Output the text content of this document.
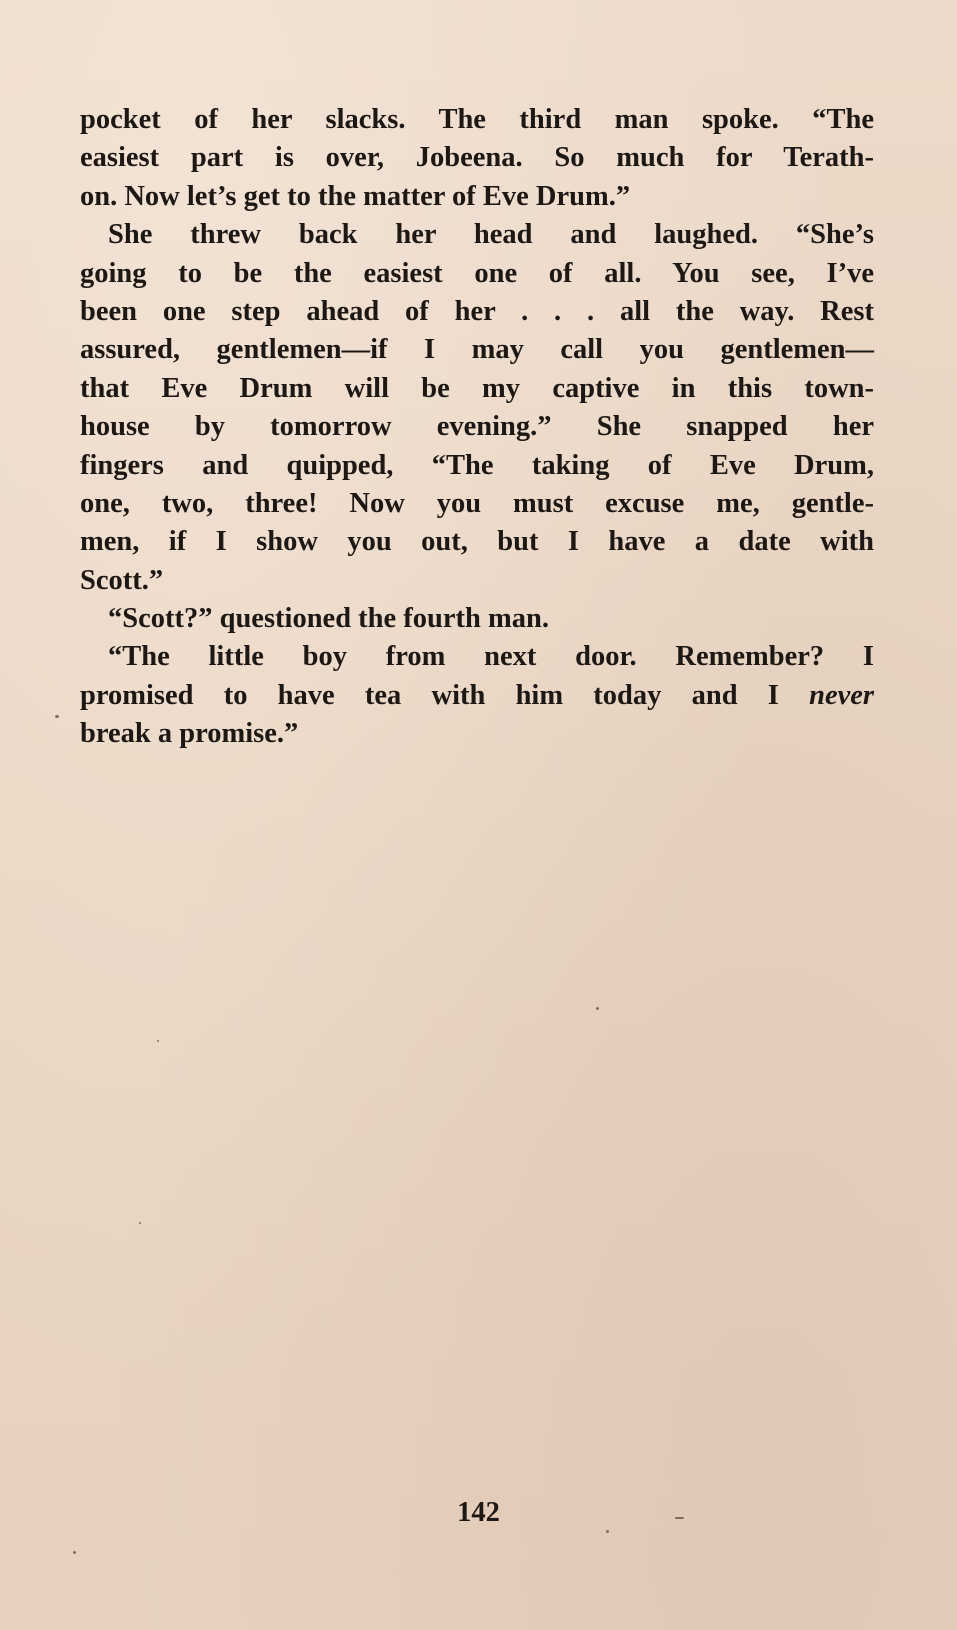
pocket of her slacks. The third man spoke. “The
easiest part is over, Jobeena. So much for Terath-
on. Now let’s get to the matter of Eve Drum.”
She threw back her head and laughed. “She’s
going to be the easiest one of all. You see, I’ve
been one step ahead of her . . . all the way. Rest
assured, gentlemen—if I may call you gentlemen—
that Eve Drum will be my captive in this town-
house by tomorrow evening.” She snapped her
fingers and quipped, “The taking of Eve Drum,
one, two, three! Now you must excuse me, gentle-
men, if I show you out, but I have a date with
Scott.”
“Scott?” questioned the fourth man.
“The little boy from next door. Remember? I
promised to have tea with him today and I never
break a promise.”
142
